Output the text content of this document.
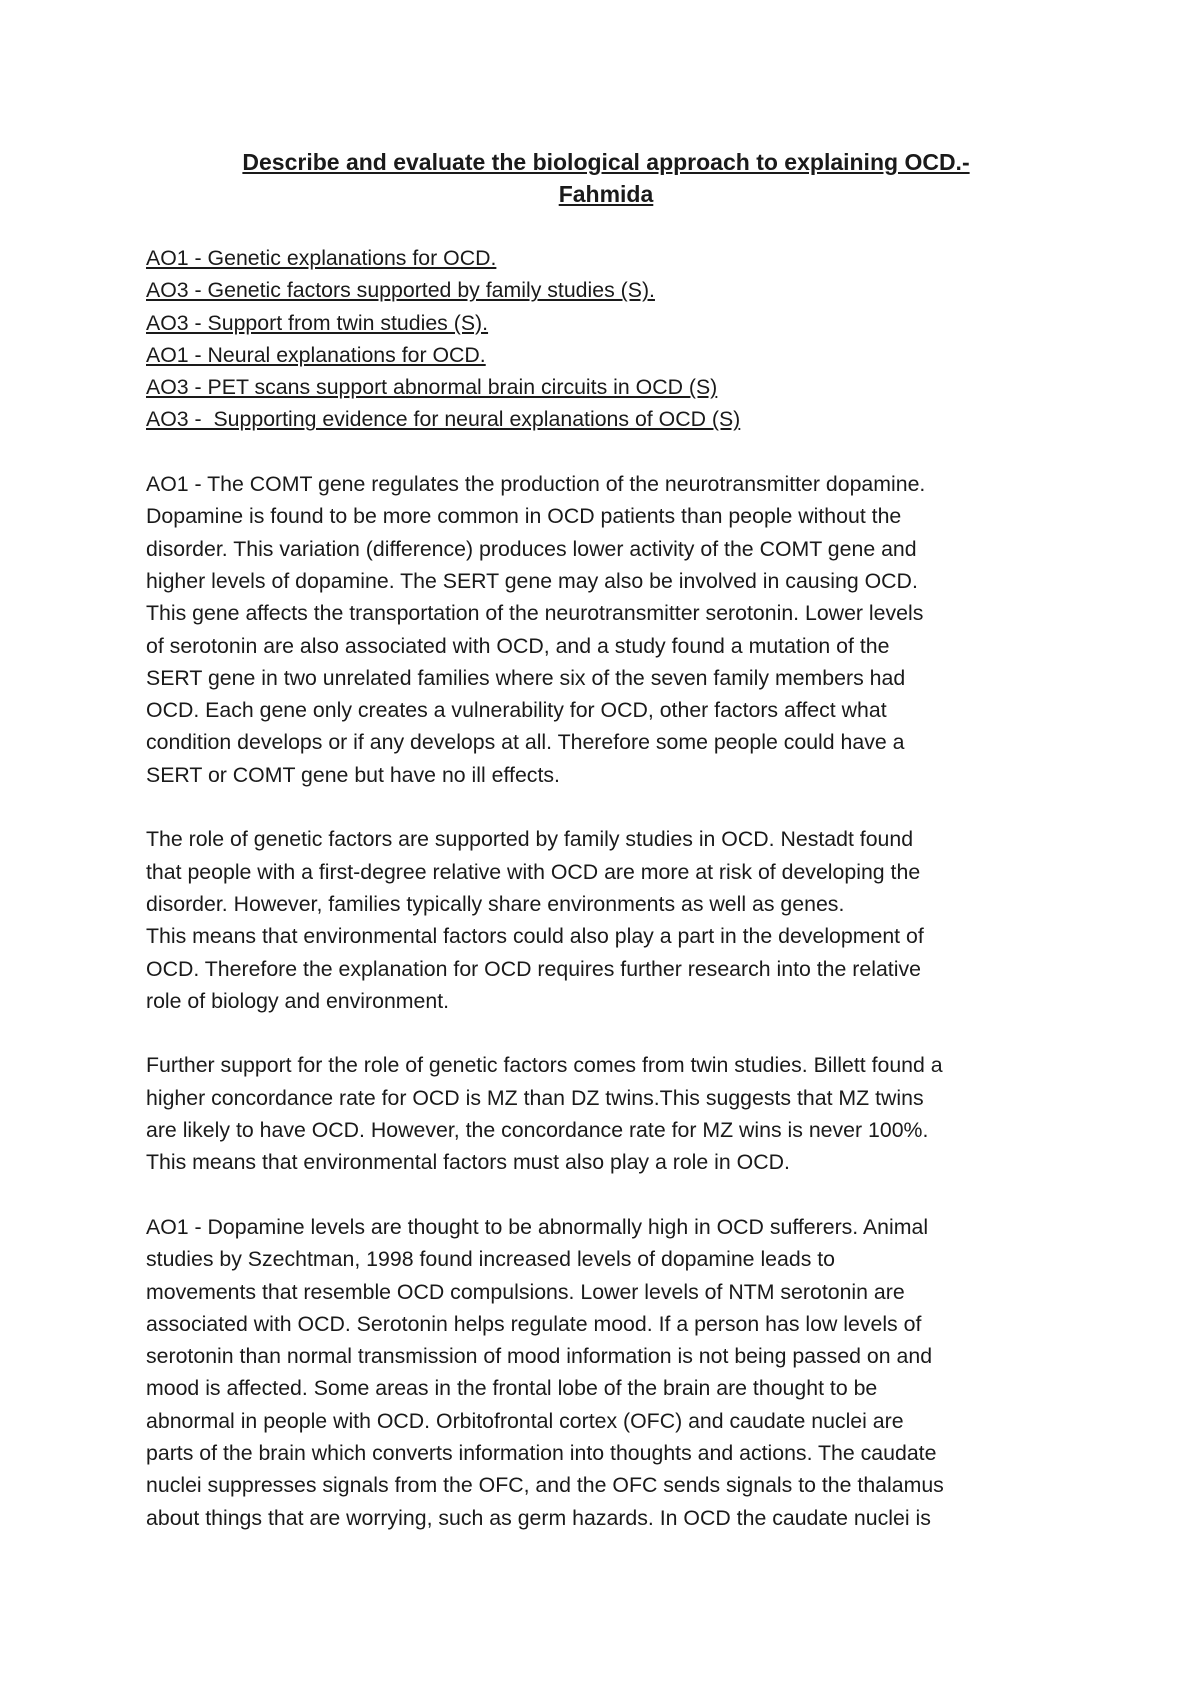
Describe and evaluate the biological approach to explaining OCD.-
Fahmida
AO1 - Genetic explanations for OCD.
AO3 - Genetic factors supported by family studies (S).
AO3 - Support from twin studies (S).
AO1 - Neural explanations for OCD.
AO3 - PET scans support abnormal brain circuits in OCD (S)
AO3 -  Supporting evidence for neural explanations of OCD (S)

AO1 - The COMT gene regulates the production of the neurotransmitter dopamine.
Dopamine is found to be more common in OCD patients than people without the
disorder. This variation (difference) produces lower activity of the COMT gene and
higher levels of dopamine. The SERT gene may also be involved in causing OCD.
This gene affects the transportation of the neurotransmitter serotonin. Lower levels
of serotonin are also associated with OCD, and a study found a mutation of the
SERT gene in two unrelated families where six of the seven family members had
OCD. Each gene only creates a vulnerability for OCD, other factors affect what
condition develops or if any develops at all. Therefore some people could have a
SERT or COMT gene but have no ill effects.

The role of genetic factors are supported by family studies in OCD. Nestadt found
that people with a first-degree relative with OCD are more at risk of developing the
disorder. However, families typically share environments as well as genes.
This means that environmental factors could also play a part in the development of
OCD. Therefore the explanation for OCD requires further research into the relative
role of biology and environment.

Further support for the role of genetic factors comes from twin studies. Billett found a
higher concordance rate for OCD is MZ than DZ twins.This suggests that MZ twins
are likely to have OCD. However, the concordance rate for MZ wins is never 100%.
This means that environmental factors must also play a role in OCD.

AO1 - Dopamine levels are thought to be abnormally high in OCD sufferers. Animal
studies by Szechtman, 1998 found increased levels of dopamine leads to
movements that resemble OCD compulsions. Lower levels of NTM serotonin are
associated with OCD. Serotonin helps regulate mood. If a person has low levels of
serotonin than normal transmission of mood information is not being passed on and
mood is affected. Some areas in the frontal lobe of the brain are thought to be
abnormal in people with OCD. Orbitofrontal cortex (OFC) and caudate nuclei are
parts of the brain which converts information into thoughts and actions. The caudate
nuclei suppresses signals from the OFC, and the OFC sends signals to the thalamus
about things that are worrying, such as germ hazards. In OCD the caudate nuclei is
